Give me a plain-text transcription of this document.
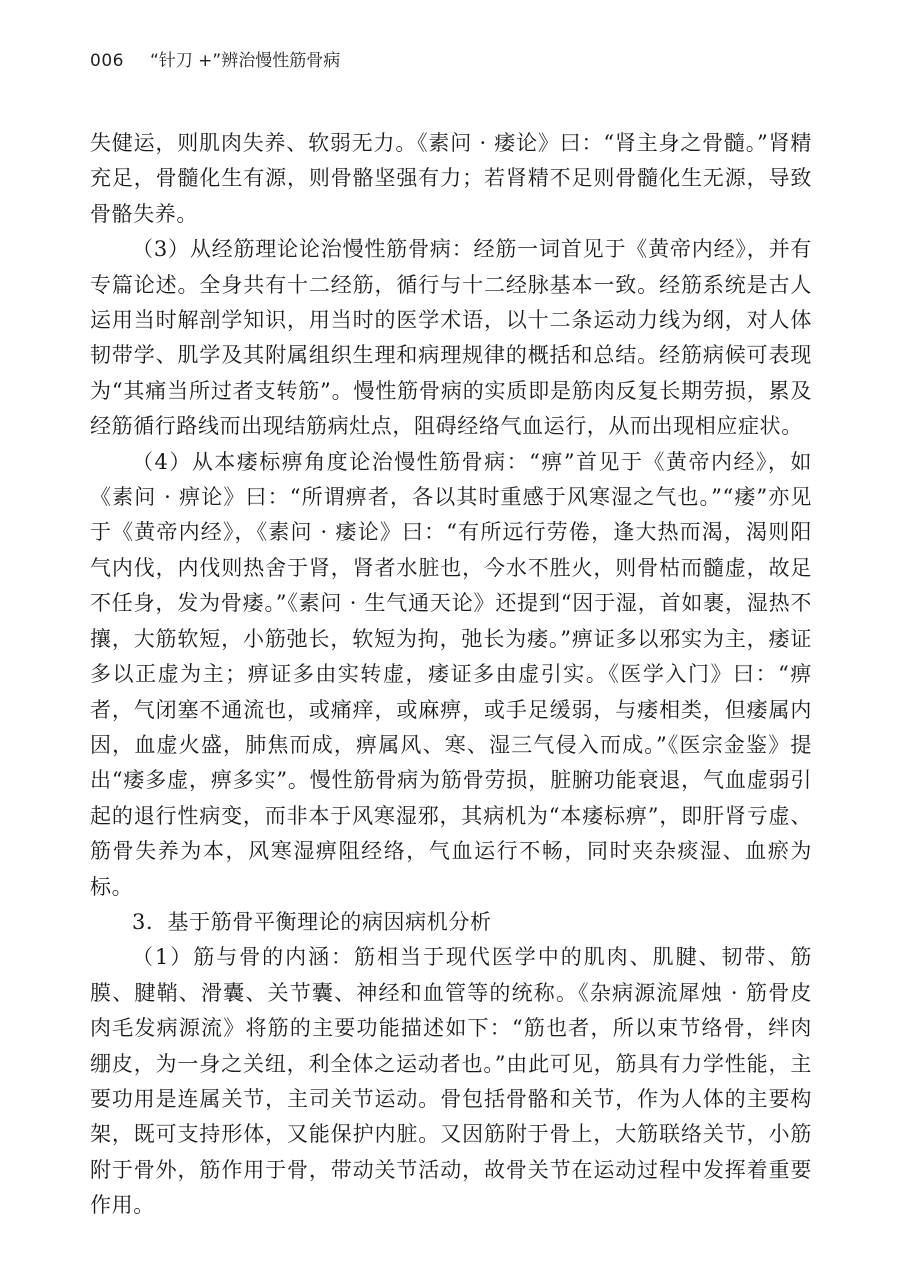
006 “针刀 +”辨治慢性筋骨病

失健运，则肌肉失养、软弱无力。《素问 · 痿论》曰：“肾主身之骨髓。”肾精充足，骨髓化生有源，则骨骼坚强有力；若肾精不足则骨髓化生无源，导致骨骼失养。

（3）从经筋理论论治慢性筋骨病：经筋一词首见于《黄帝内经》，并有专篇论述。全身共有十二经筋，循行与十二经脉基本一致。经筋系统是古人运用当时解剖学知识，用当时的医学术语，以十二条运动力线为纲，对人体韧带学、肌学及其附属组织生理和病理规律的概括和总结。经筋病候可表现为“其痛当所过者支转筋”。慢性筋骨病的实质即是筋肉反复长期劳损，累及经筋循行路线而出现结筋病灶点，阻碍经络气血运行，从而出现相应症状。

（4）从本痿标痹角度论治慢性筋骨病：“痹”首见于《黄帝内经》，如《素问 · 痹论》曰：“所谓痹者，各以其时重感于风寒湿之气也。”“痿”亦见于《黄帝内经》，《素问 · 痿论》曰：“有所远行劳倦，逢大热而渴，渴则阳气内伐，内伐则热舍于肾，肾者水脏也，今水不胜火，则骨枯而髓虚，故足不任身，发为骨痿。”《素问 · 生气通天论》还提到“因于湿，首如裹，湿热不攘，大筋软短，小筋弛长，软短为拘，弛长为痿。”痹证多以邪实为主，痿证多以正虚为主；痹证多由实转虚，痿证多由虚引实。《医学入门》曰：“痹者，气闭塞不通流也，或痛痒，或麻痹，或手足缓弱，与痿相类，但痿属内因，血虚火盛，肺焦而成，痹属风、寒、湿三气侵入而成。”《医宗金鉴》提出“痿多虚，痹多实”。慢性筋骨病为筋骨劳损，脏腑功能衰退，气血虚弱引起的退行性病变，而非本于风寒湿邪，其病机为“本痿标痹”，即肝肾亏虚、筋骨失养为本，风寒湿痹阻经络，气血运行不畅，同时夹杂痰湿、血瘀为标。

3．基于筋骨平衡理论的病因病机分析

（1）筋与骨的内涵：筋相当于现代医学中的肌肉、肌腱、韧带、筋膜、腱鞘、滑囊、关节囊、神经和血管等的统称。《杂病源流犀烛 · 筋骨皮肉毛发病源流》将筋的主要功能描述如下：“筋也者，所以束节络骨，绊肉绷皮，为一身之关纽，利全体之运动者也。”由此可见，筋具有力学性能，主要功用是连属关节，主司关节运动。骨包括骨骼和关节，作为人体的主要构架，既可支持形体，又能保护内脏。又因筋附于骨上，大筋联络关节，小筋附于骨外，筋作用于骨，带动关节活动，故骨关节在运动过程中发挥着重要作用。
